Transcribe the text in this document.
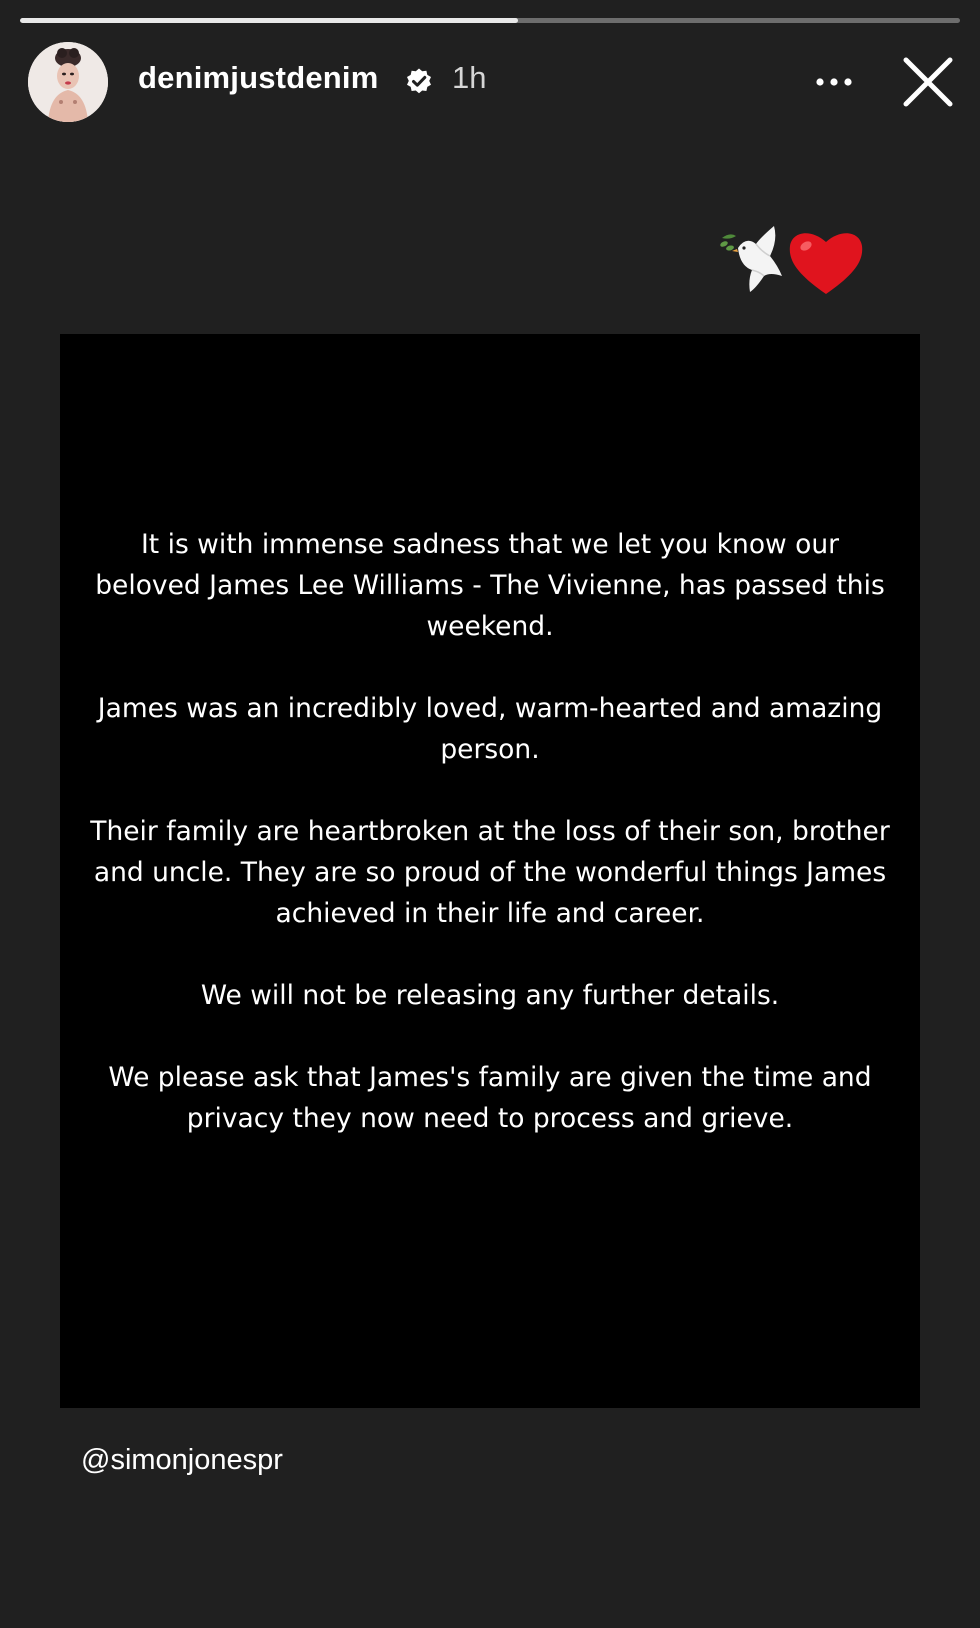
denimjustdenim 1h

It is with immense sadness that we let you know our beloved James Lee Williams - The Vivienne, has passed this weekend.

James was an incredibly loved, warm-hearted and amazing person.

Their family are heartbroken at the loss of their son, brother and uncle. They are so proud of the wonderful things James achieved in their life and career.

We will not be releasing any further details.

We please ask that James's family are given the time and privacy they now need to process and grieve.

@simonjonespr
